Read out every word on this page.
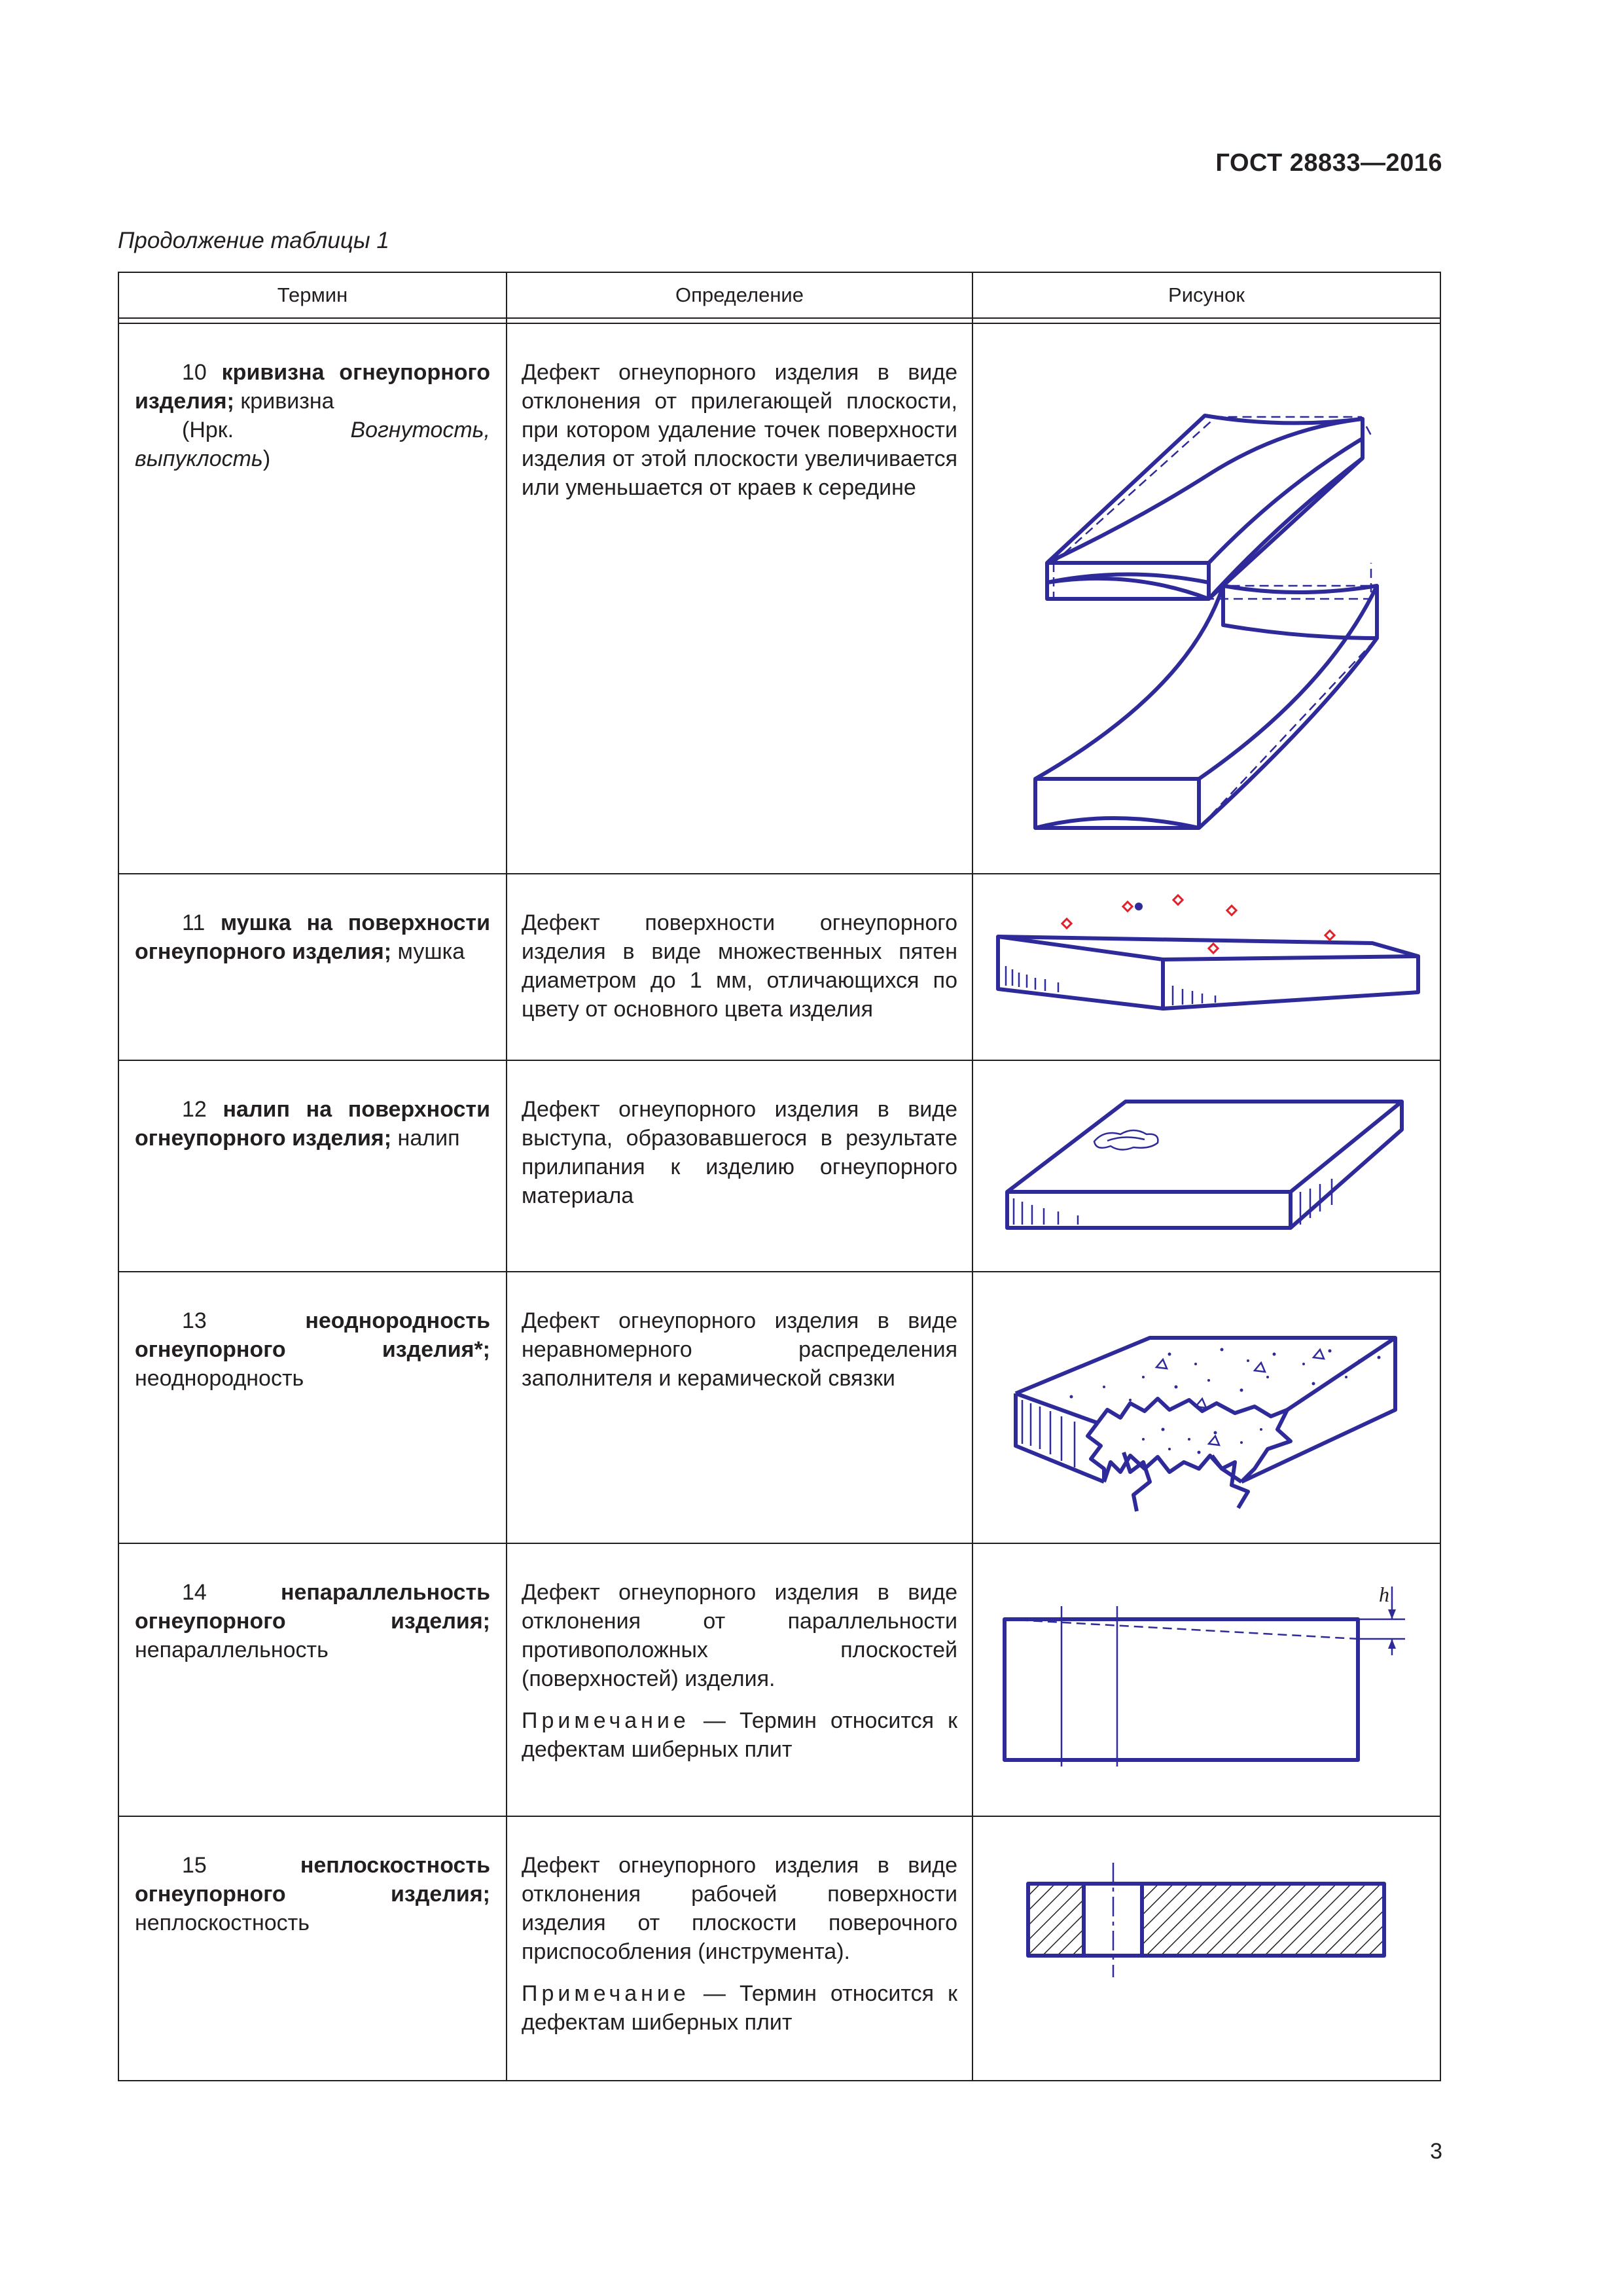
ГОСТ 28833—2016
Продолжение таблицы 1
Термин	Определение	Рисунок

10 кривизна огнеупорного изделия; кривизна
(Нрк. Вогнутость, выпуклость)	Дефект огнеупорного изделия в виде отклонения от прилегающей плоскости, при котором удаление точек поверхности изделия от этой плоскости увеличивается или уменьшается от краев к середине	

11 мушка на поверхности огнеупорного изделия; мушка	Дефект поверхности огнеупорного изделия в виде множественных пятен диаметром до 1 мм, отличающихся по цвету от основного цвета изделия	

12 налип на поверхности огнеупорного изделия; налип	Дефект огнеупорного изделия в виде выступа, образовавшегося в результате прилипания к изделию огнеупорного материала	

13 неоднородность огнеупорного изделия*; неоднородность	Дефект огнеупорного изделия в виде неравномерного распределения заполнителя и керамической связки	

14 непараллельность огнеупорного изделия; непараллельность	Дефект огнеупорного изделия в виде отклонения от параллельности противоположных плоскостей (поверхностей) изделия.
Примечание — Термин относится к дефектам шиберных плит	h

15 неплоскостность огнеупорного изделия; неплоскостность	Дефект огнеупорного изделия в виде отклонения рабочей поверхности изделия от плоскости поверочного приспособления (инструмента).
Примечание — Термин относится к дефектам шиберных плит

3
